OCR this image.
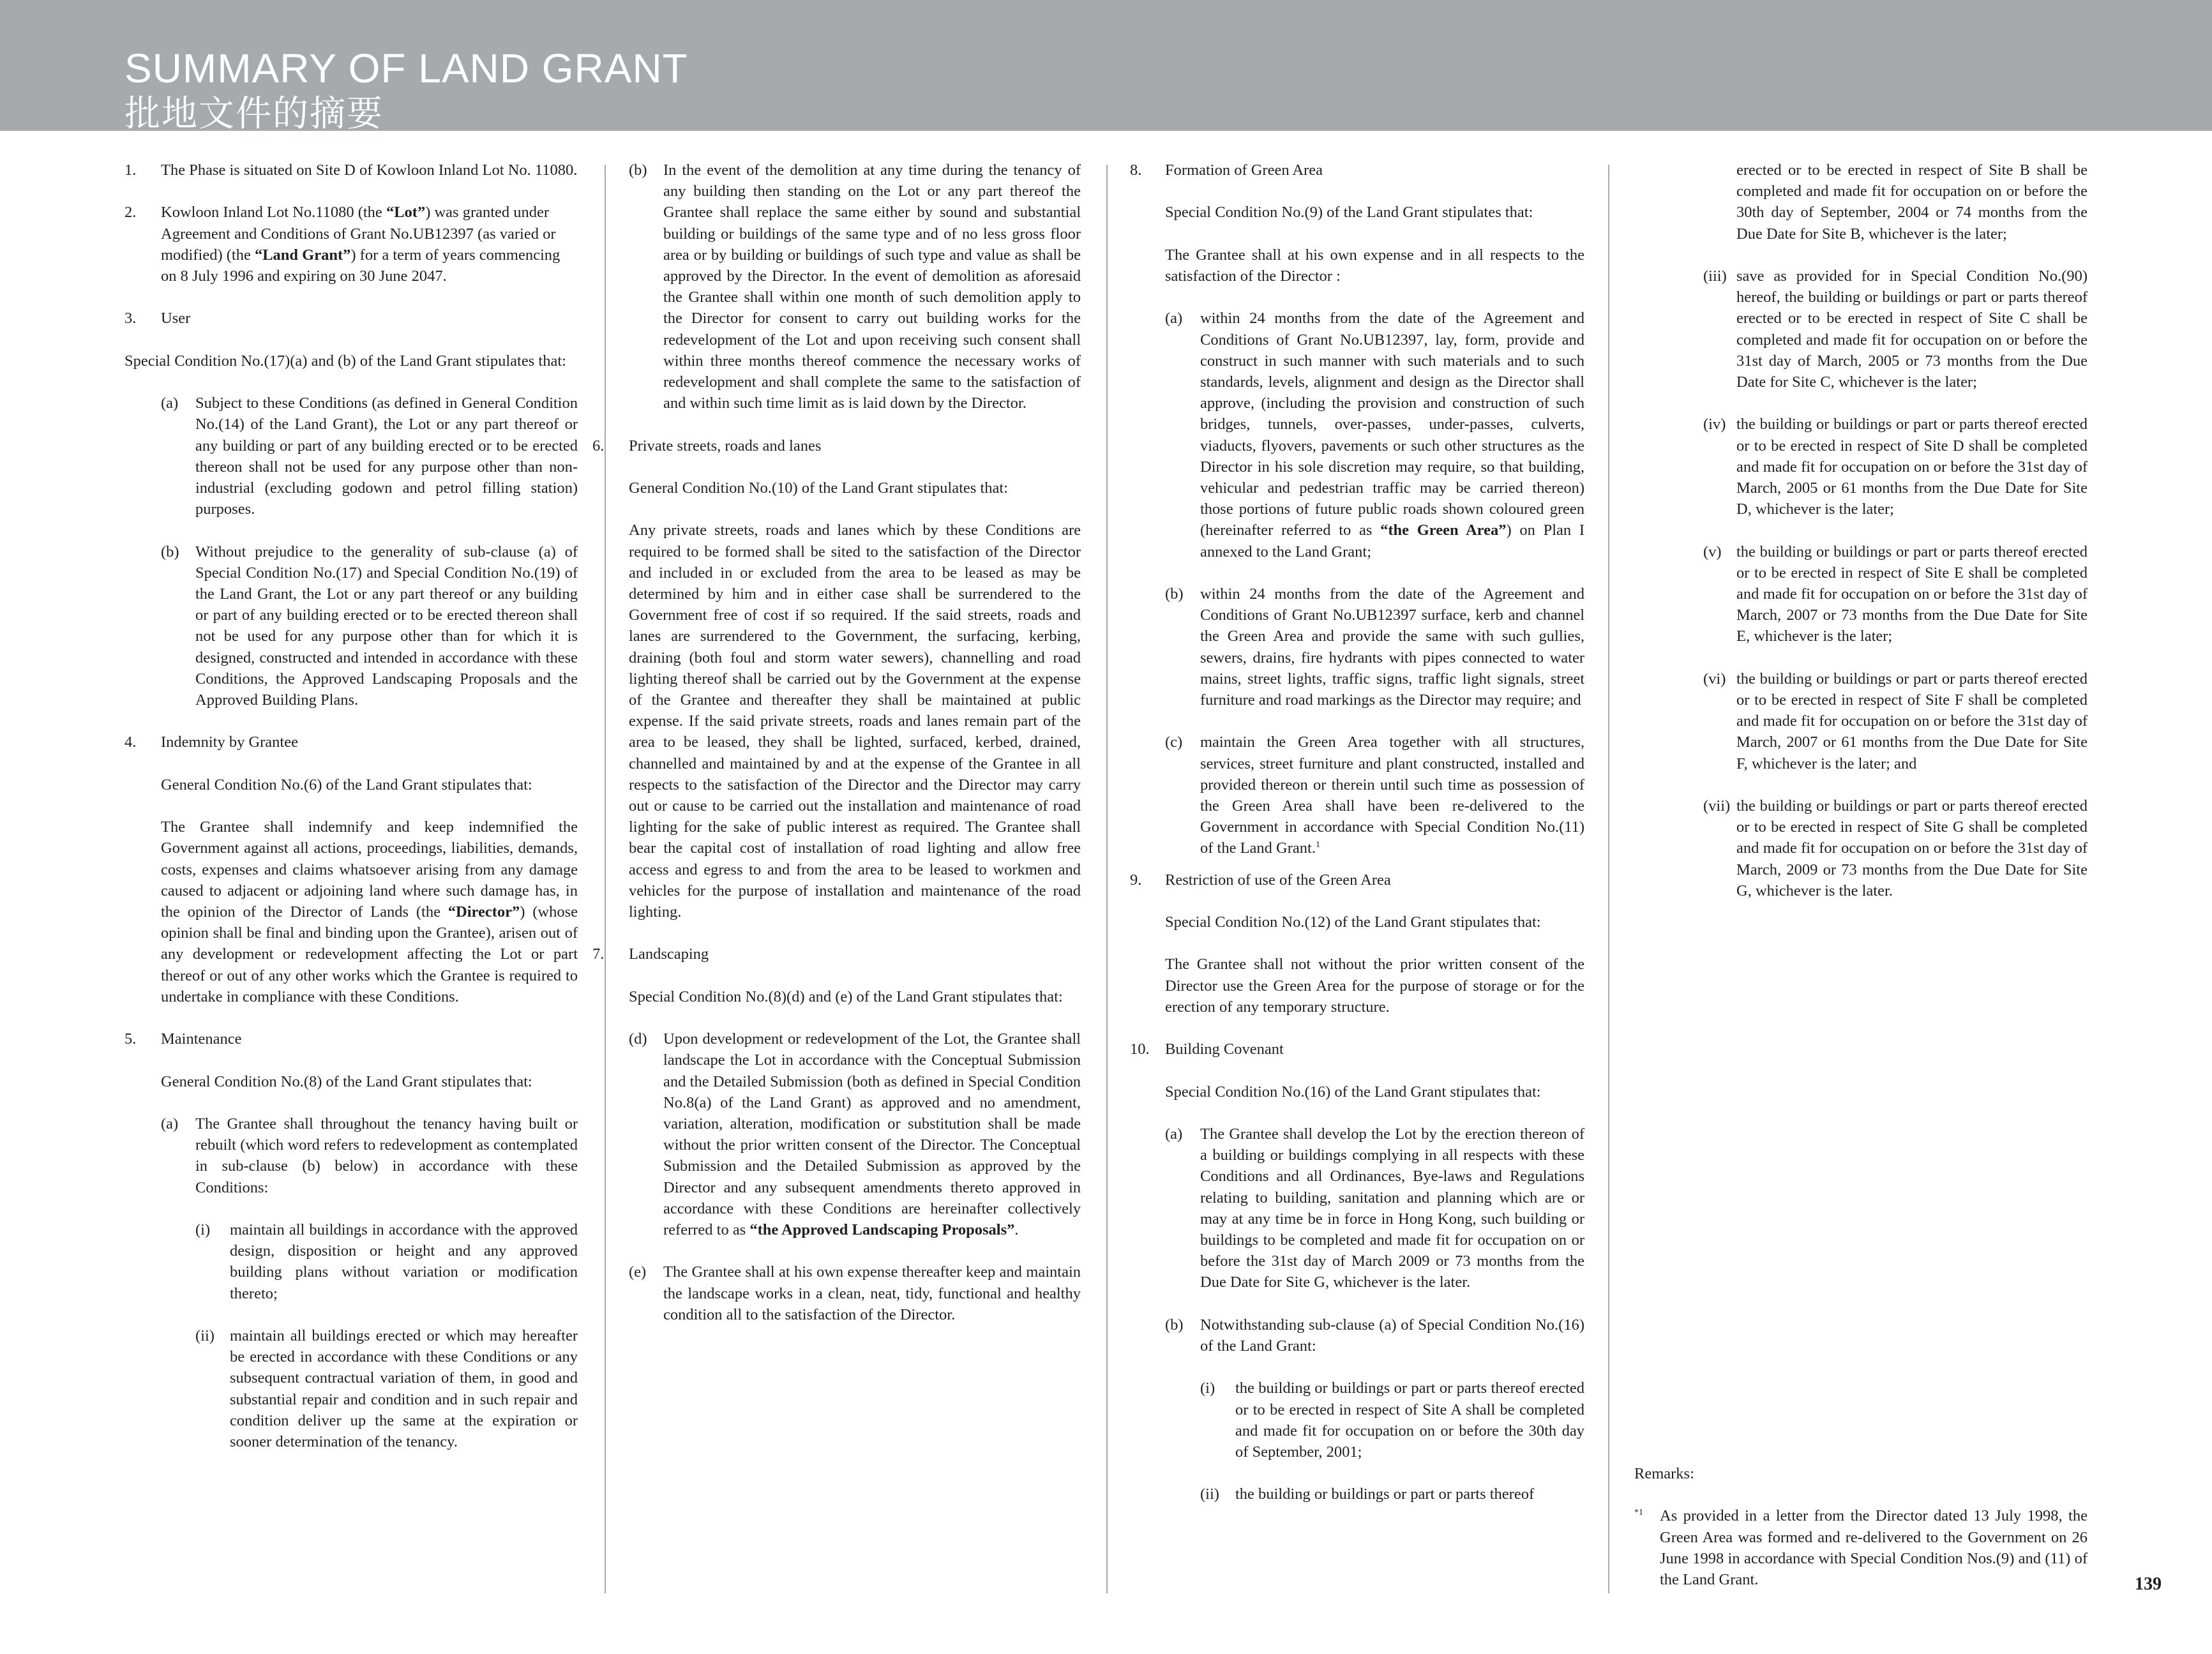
SUMMARY OF LAND GRANT
批地文件的摘要

1. The Phase is situated on Site D of Kowloon Inland Lot No. 11080.

2. Kowloon Inland Lot No.11080 (the “Lot”) was granted under Agreement and Conditions of Grant No.UB12397 (as varied or modified) (the “Land Grant”) for a term of years commencing on 8 July 1996 and expiring on 30 June 2047.

3. User

Special Condition No.(17)(a) and (b) of the Land Grant stipulates that:

(a) Subject to these Conditions (as defined in General Condition No.(14) of the Land Grant), the Lot or any part thereof or any building or part of any building erected or to be erected thereon shall not be used for any purpose other than non-industrial (excluding godown and petrol filling station) purposes.

(b) Without prejudice to the generality of sub-clause (a) of Special Condition No.(17) and Special Condition No.(19) of the Land Grant, the Lot or any part thereof or any building or part of any building erected or to be erected thereon shall not be used for any purpose other than for which it is designed, constructed and intended in accordance with these Conditions, the Approved Landscaping Proposals and the Approved Building Plans.

4. Indemnity by Grantee

General Condition No.(6) of the Land Grant stipulates that:

The Grantee shall indemnify and keep indemnified the Government against all actions, proceedings, liabilities, demands, costs, expenses and claims whatsoever arising from any damage caused to adjacent or adjoining land where such damage has, in the opinion of the Director of Lands (the “Director”) (whose opinion shall be final and binding upon the Grantee), arisen out of any development or redevelopment affecting the Lot or part thereof or out of any other works which the Grantee is required to undertake in compliance with these Conditions.

5. Maintenance

General Condition No.(8) of the Land Grant stipulates that:

(a) The Grantee shall throughout the tenancy having built or rebuilt (which word refers to redevelopment as contemplated in sub-clause (b) below) in accordance with these Conditions:

(i) maintain all buildings in accordance with the approved design, disposition or height and any approved building plans without variation or modification thereto;

(ii) maintain all buildings erected or which may hereafter be erected in accordance with these Conditions or any subsequent contractual variation of them, in good and substantial repair and condition and in such repair and condition deliver up the same at the expiration or sooner determination of the tenancy.

(b) In the event of the demolition at any time during the tenancy of any building then standing on the Lot or any part thereof the Grantee shall replace the same either by sound and substantial building or buildings of the same type and of no less gross floor area or by building or buildings of such type and value as shall be approved by the Director. In the event of demolition as aforesaid the Grantee shall within one month of such demolition apply to the Director for consent to carry out building works for the redevelopment of the Lot and upon receiving such consent shall within three months thereof commence the necessary works of redevelopment and shall complete the same to the satisfaction of and within such time limit as is laid down by the Director.

6. Private streets, roads and lanes

General Condition No.(10) of the Land Grant stipulates that:

Any private streets, roads and lanes which by these Conditions are required to be formed shall be sited to the satisfaction of the Director and included in or excluded from the area to be leased as may be determined by him and in either case shall be surrendered to the Government free of cost if so required. If the said streets, roads and lanes are surrendered to the Government, the surfacing, kerbing, draining (both foul and storm water sewers), channelling and road lighting thereof shall be carried out by the Government at the expense of the Grantee and thereafter they shall be maintained at public expense. If the said private streets, roads and lanes remain part of the area to be leased, they shall be lighted, surfaced, kerbed, drained, channelled and maintained by and at the expense of the Grantee in all respects to the satisfaction of the Director and the Director may carry out or cause to be carried out the installation and maintenance of road lighting for the sake of public interest as required. The Grantee shall bear the capital cost of installation of road lighting and allow free access and egress to and from the area to be leased to workmen and vehicles for the purpose of installation and maintenance of the road lighting.

7. Landscaping

Special Condition No.(8)(d) and (e) of the Land Grant stipulates that:

(d) Upon development or redevelopment of the Lot, the Grantee shall landscape the Lot in accordance with the Conceptual Submission and the Detailed Submission (both as defined in Special Condition No.8(a) of the Land Grant) as approved and no amendment, variation, alteration, modification or substitution shall be made without the prior written consent of the Director. The Conceptual Submission and the Detailed Submission as approved by the Director and any subsequent amendments thereto approved in accordance with these Conditions are hereinafter collectively referred to as “the Approved Landscaping Proposals”.

(e) The Grantee shall at his own expense thereafter keep and maintain the landscape works in a clean, neat, tidy, functional and healthy condition all to the satisfaction of the Director.

8. Formation of Green Area

Special Condition No.(9) of the Land Grant stipulates that:

The Grantee shall at his own expense and in all respects to the satisfaction of the Director :

(a) within 24 months from the date of the Agreement and Conditions of Grant No.UB12397, lay, form, provide and construct in such manner with such materials and to such standards, levels, alignment and design as the Director shall approve, (including the provision and construction of such bridges, tunnels, over-passes, under-passes, culverts, viaducts, flyovers, pavements or such other structures as the Director in his sole discretion may require, so that building, vehicular and pedestrian traffic may be carried thereon) those portions of future public roads shown coloured green (hereinafter referred to as “the Green Area”) on Plan I annexed to the Land Grant;

(b) within 24 months from the date of the Agreement and Conditions of Grant No.UB12397 surface, kerb and channel the Green Area and provide the same with such gullies, sewers, drains, fire hydrants with pipes connected to water mains, street lights, traffic signs, traffic light signals, street furniture and road markings as the Director may require; and

(c) maintain the Green Area together with all structures, services, street furniture and plant constructed, installed and provided thereon or therein until such time as possession of the Green Area shall have been re-delivered to the Government in accordance with Special Condition No.(11) of the Land Grant.$^1$

9. Restriction of use of the Green Area

Special Condition No.(12) of the Land Grant stipulates that:

The Grantee shall not without the prior written consent of the Director use the Green Area for the purpose of storage or for the erection of any temporary structure.

10. Building Covenant

Special Condition No.(16) of the Land Grant stipulates that:

(a) The Grantee shall develop the Lot by the erection thereon of a building or buildings complying in all respects with these Conditions and all Ordinances, Bye-laws and Regulations relating to building, sanitation and planning which are or may at any time be in force in Hong Kong, such building or buildings to be completed and made fit for occupation on or before the 31st day of March 2009 or 73 months from the Due Date for Site G, whichever is the later.

(b) Notwithstanding sub-clause (a) of Special Condition No.(16) of the Land Grant:

(i) the building or buildings or part or parts thereof erected or to be erected in respect of Site A shall be completed and made fit for occupation on or before the 30th day of September, 2001;

(ii) the building or buildings or part or parts thereof

erected or to be erected in respect of Site B shall be completed and made fit for occupation on or before the 30th day of September, 2004 or 74 months from the Due Date for Site B, whichever is the later;

(iii) save as provided for in Special Condition No.(90) hereof, the building or buildings or part or parts thereof erected or to be erected in respect of Site C shall be completed and made fit for occupation on or before the 31st day of March, 2005 or 73 months from the Due Date for Site C, whichever is the later;

(iv) the building or buildings or part or parts thereof erected or to be erected in respect of Site D shall be completed and made fit for occupation on or before the 31st day of March, 2005 or 61 months from the Due Date for Site D, whichever is the later;

(v) the building or buildings or part or parts thereof erected or to be erected in respect of Site E shall be completed and made fit for occupation on or before the 31st day of March, 2007 or 73 months from the Due Date for Site E, whichever is the later;

(vi) the building or buildings or part or parts thereof erected or to be erected in respect of Site F shall be completed and made fit for occupation on or before the 31st day of March, 2007 or 61 months from the Due Date for Site F, whichever is the later; and

(vii) the building or buildings or part or parts thereof erected or to be erected in respect of Site G shall be completed and made fit for occupation on or before the 31st day of March, 2009 or 73 months from the Due Date for Site G, whichever is the later.

Remarks:

$^{*1}$ As provided in a letter from the Director dated 13 July 1998, the Green Area was formed and re-delivered to the Government on 26 June 1998 in accordance with Special Condition Nos.(9) and (11) of the Land Grant.	139
